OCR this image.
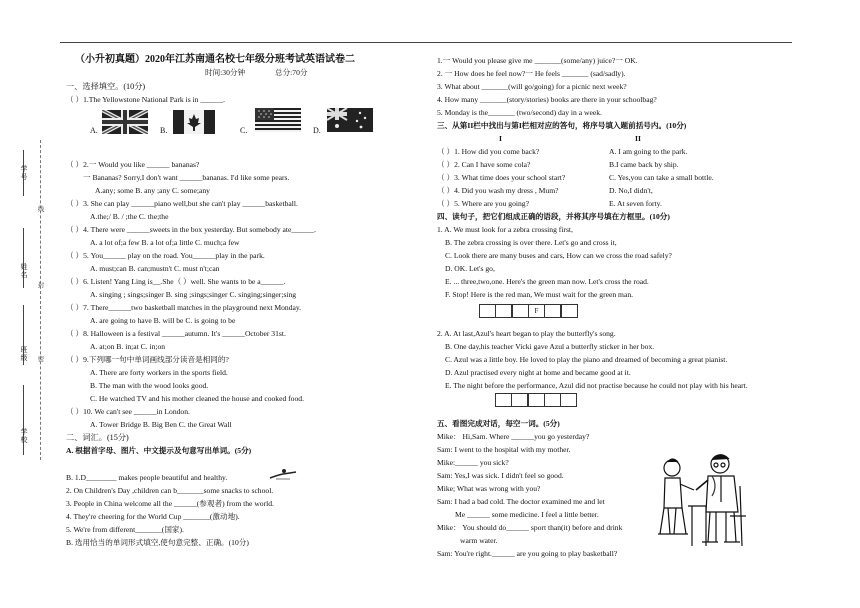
学号
线
姓名
封
班级	密
学校
（小升初真题）2020年江苏南通名校七年级分班考试英语试卷二
时间:30分钟	总分:70分
一、选择填空。(10分)
（ ）1.The Yellowstone National Park is in ______.
A.	B.	C.	D.
（ ）2.一 Would you like ______ bananas?
一 Bananas? Sorry,I don't want ______bananas. I'd like some pears.
A.any; some B. any ;any C. some;any
（ ）3. She can play ______piano well,but she can't play ______basketball.
A.the;/ B. / ;the C. the;the
（ ）4. There were ______sweets in the box yesterday. But somebody ate______.
A. a lot of;a few B. a lot of;a little C. much;a few
（ ）5. You______ play on the road. You______play in the park.
A. must;can B. can;mustn't C. must n't;can
（ ）6. Listen! Yang Ling is__.She（ ）well. She wants to be a______.
A. singing ; sings;singer B. sing ;sings;singer C. singing;singer;sing
（ ）7. There______two basketball matches in the playground next Monday.
A. are going to have B. will be C. is going to be
（ ）8. Halloween is a festival ______autumn. It's ______October 31st.
A. at;on B. in;at C. in;on
（ ）9.下列哪一句中单词画线部分读音是相同的?
A. There are forty workers in the sports field.
B. The man with the wood looks good.
C. He watched TV and his mother cleaned the house and cooked food.
（ ）10. We can't see ______in London.
A. Tower Bridge B. Big Ben C. the Great Wall
二、词汇。(15分)
A. 根据首字母、图片、中文提示及句意写出单词。(5分)
B. 1.D________ makes people beautiful and healthy.
2. On Children's Day ,children can b_______some snacks to school.
3. People in China welcome all the ______(参观者) from the world.
4. They're cheering for the World Cup _______(激动地).
5. We're from different_______(国家).
B. 选用恰当的单词形式填空,使句意完整、正确。(10分)
1.一 Would you please give me _______(some/any) juice?一 OK.
2. 一 How does he feel now?一 He feels _______ (sad/sadly).
3. What about _______(will go/going) for a picnic next week?
4. How many _______(story/stories) books are there in your schoolbag?
5. Monday is the_______ (two/second) day in a week.
三、从第II栏中找出与第I栏相对应的答句，将序号填入题前括号内。(10分)
I	II
（ ）1. How did you come back?	A. I am going to the park.
（ ）2. Can I have some cola?	B.I came back by ship.
（ ）3. What time does your school start?	C. Yes,you can take a small bottle.
（ ）4. Did you wash my dress , Mum?	D. No,I didn't,
（ ）5. Where are you going?	E. At seven forty.
四、读句子，把它们组成正确的语段，并将其序号填在方框里。(10分)
1. A. We must look for a zebra crossing first,
B. The zebra crossing is over there. Let's go and cross it,
C. Look there are many buses and cars, How can we cross the road safely?
D. OK. Let's go,
E. ... three,two,one. Here's the green man now. Let's cross the road.
F. Stop! Here is the red man, We must wait for the green man.
F
2. A. At last,Azul's heart began to play the butterfly's song.
B. One day,his teacher Vicki gave Azul a butterfly sticker in her box.
C. Azul was a little boy. He loved to play the piano and dreamed of becoming a great pianist.
D. Azul practised every night at home and became good at it.
E. The night before the performance, Azul did not practise because he could not play with his heart.
五、看图完成对话，每空一词。(5分)
Mike： Hi,Sam. Where ______you go yesterday?
Sam: I went to the hospital with my mother.
Mike:______ you sick?
Sam: Yes,I was sick. I didn't feel so good.
Mike; What was wrong with you?
Sam: I had a bad cold. The doctor examined me and let
Me ______ some medicine. I feel a little better.
Mike： You should do______ sport than(it) before and drink
warm water.
Sam: You're right.______ are you going to play basketball?
